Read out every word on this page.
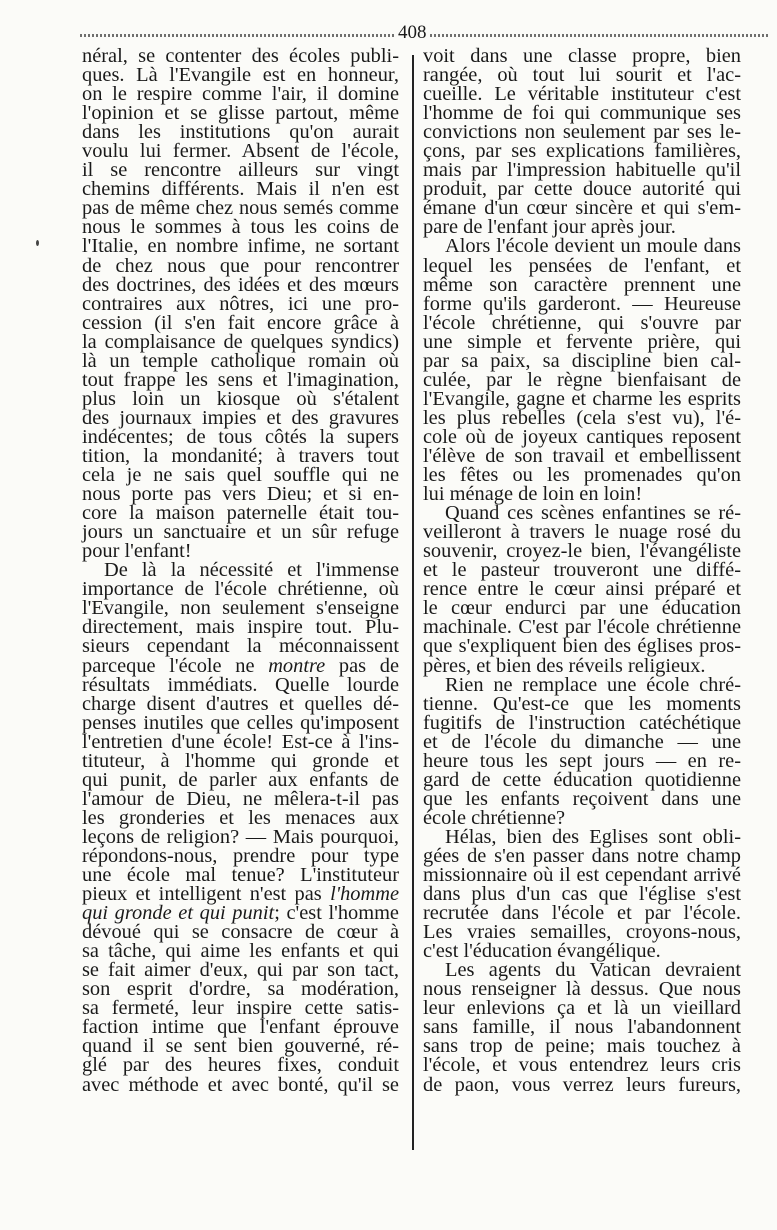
408
néral, se contenter des écoles publi-
ques. Là l'Evangile est en honneur,
on le respire comme l'air, il domine
l'opinion et se glisse partout, même
dans les institutions qu'on aurait
voulu lui fermer. Absent de l'école,
il se rencontre ailleurs sur vingt
chemins différents. Mais il n'en est
pas de même chez nous semés comme
nous le sommes à tous les coins de
l'Italie, en nombre infime, ne sortant
de chez nous que pour rencontrer
des doctrines, des idées et des mœurs
contraires aux nôtres, ici une pro-
cession (il s'en fait encore grâce à
la complaisance de quelques syndics)
là un temple catholique romain où
tout frappe les sens et l'imagination,
plus loin un kiosque où s'étalent
des journaux impies et des gravures
indécentes; de tous côtés la supers
tition, la mondanité; à travers tout
cela je ne sais quel souffle qui ne
nous porte pas vers Dieu; et si en-
core la maison paternelle était tou-
jours un sanctuaire et un sûr refuge
pour l'enfant!
De là la nécessité et l'immense
importance de l'école chrétienne, où
l'Evangile, non seulement s'enseigne
directement, mais inspire tout. Plu-
sieurs cependant la méconnaissent
parceque l'école ne montre pas de
résultats immédiats. Quelle lourde
charge disent d'autres et quelles dé-
penses inutiles que celles qu'imposent
l'entretien d'une école! Est-ce à l'ins-
tituteur, à l'homme qui gronde et
qui punit, de parler aux enfants de
l'amour de Dieu, ne mêlera-t-il pas
les gronderies et les menaces aux
leçons de religion? — Mais pourquoi,
répondons-nous, prendre pour type
une école mal tenue? L'instituteur
pieux et intelligent n'est pas l'homme
qui gronde et qui punit; c'est l'homme
dévoué qui se consacre de cœur à
sa tâche, qui aime les enfants et qui
se fait aimer d'eux, qui par son tact,
son esprit d'ordre, sa modération,
sa fermeté, leur inspire cette satis-
faction intime que l'enfant éprouve
quand il se sent bien gouverné, ré-
glé par des heures fixes, conduit
avec méthode et avec bonté, qu'il se
voit dans une classe propre, bien
rangée, où tout lui sourit et l'ac-
cueille. Le véritable instituteur c'est
l'homme de foi qui communique ses
convictions non seulement par ses le-
çons, par ses explications familières,
mais par l'impression habituelle qu'il
produit, par cette douce autorité qui
émane d'un cœur sincère et qui s'em-
pare de l'enfant jour après jour.
Alors l'école devient un moule dans
lequel les pensées de l'enfant, et
même son caractère prennent une
forme qu'ils garderont. — Heureuse
l'école chrétienne, qui s'ouvre par
une simple et fervente prière, qui
par sa paix, sa discipline bien cal-
culée, par le règne bienfaisant de
l'Evangile, gagne et charme les esprits
les plus rebelles (cela s'est vu), l'é-
cole où de joyeux cantiques reposent
l'élève de son travail et embellissent
les fêtes ou les promenades qu'on
lui ménage de loin en loin!
Quand ces scènes enfantines se ré-
veilleront à travers le nuage rosé du
souvenir, croyez-le bien, l'évangéliste
et le pasteur trouveront une diffé-
rence entre le cœur ainsi préparé et
le cœur endurci par une éducation
machinale. C'est par l'école chrétienne
que s'expliquent bien des églises pros-
pères, et bien des réveils religieux.
Rien ne remplace une école chré-
tienne. Qu'est-ce que les moments
fugitifs de l'instruction catéchétique
et de l'école du dimanche — une
heure tous les sept jours — en re-
gard de cette éducation quotidienne
que les enfants reçoivent dans une
école chrétienne?
Hélas, bien des Eglises sont obli-
gées de s'en passer dans notre champ
missionnaire où il est cependant arrivé
dans plus d'un cas que l'église s'est
recrutée dans l'école et par l'école.
Les vraies semailles, croyons-nous,
c'est l'éducation évangélique.
Les agents du Vatican devraient
nous renseigner là dessus. Que nous
leur enlevions ça et là un vieillard
sans famille, il nous l'abandonnent
sans trop de peine; mais touchez à
l'école, et vous entendrez leurs cris
de paon, vous verrez leurs fureurs,
